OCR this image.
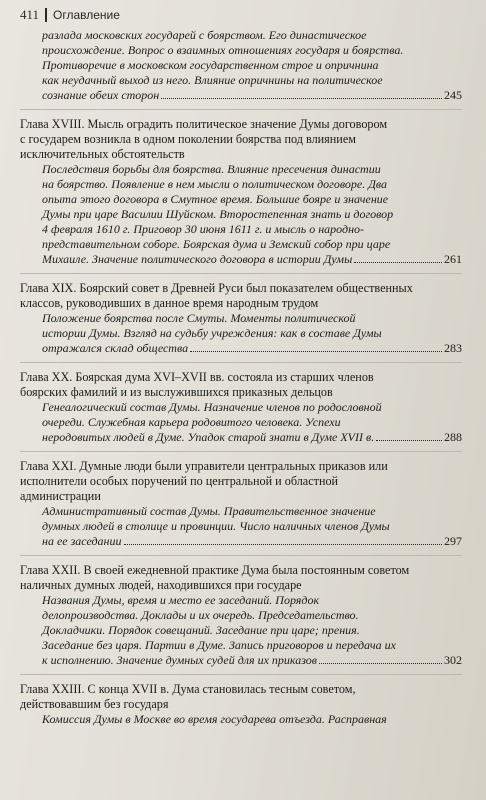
411 Оглавление
разлада московских государей с боярством. Его династическое
происхождение. Вопрос о взаимных отношениях государя и боярства.
Противоречие в московском государственном строе и опричнина
как неудачный выход из него. Влияние опричнины на политическое
сознание обеих сторон	245
Глава XVIII. Мысль оградить политическое значение Думы договором
с государем возникла в одном поколении боярства под влиянием
исключительных обстоятельств
Последствия борьбы для боярства. Влияние пресечения династии
на боярство. Появление в нем мысли о политическом договоре. Два
опыта этого договора в Смутное время. Большие бояре и значение
Думы при царе Василии Шуйском. Второстепенная знать и договор
4 февраля 1610 г. Приговор 30 июня 1611 г. и мысль о народно-
представительном соборе. Боярская дума и Земский собор при царе
Михаиле. Значение политического договора в истории Думы	261
Глава XIX. Боярский совет в Древней Руси был показателем общественных
классов, руководивших в данное время народным трудом
Положение боярства после Смуты. Моменты политической
истории Думы. Взгляд на судьбу учреждения: как в составе Думы
отражался склад общества	283
Глава XX. Боярская дума XVI–XVII вв. состояла из старших членов
боярских фамилий и из выслужившихся приказных дельцов
Генеалогический состав Думы. Назначение членов по родословной
очереди. Служебная карьера родовитого человека. Успехи
неродовитых людей в Думе. Упадок старой знати в Думе XVII в.	288
Глава XXI. Думные люди были управители центральных приказов или
исполнители особых поручений по центральной и областной
администрации
Административный состав Думы. Правительственное значение
думных людей в столице и провинции. Число наличных членов Думы
на ее заседании	297
Глава XXII. В своей ежедневной практике Дума была постоянным советом
наличных думных людей, находившихся при государе
Названия Думы, время и место ее заседаний. Порядок
делопроизводства. Доклады и их очередь. Председательство.
Докладчики. Порядок совещаний. Заседание при царе; прения.
Заседание без царя. Партии в Думе. Запись приговоров и передача их
к исполнению. Значение думных судей для их приказов	302
Глава XXIII. С конца XVII в. Дума становилась тесным советом,
действовавшим без государя
Комиссия Думы в Москве во время государева отъезда. Расправная
